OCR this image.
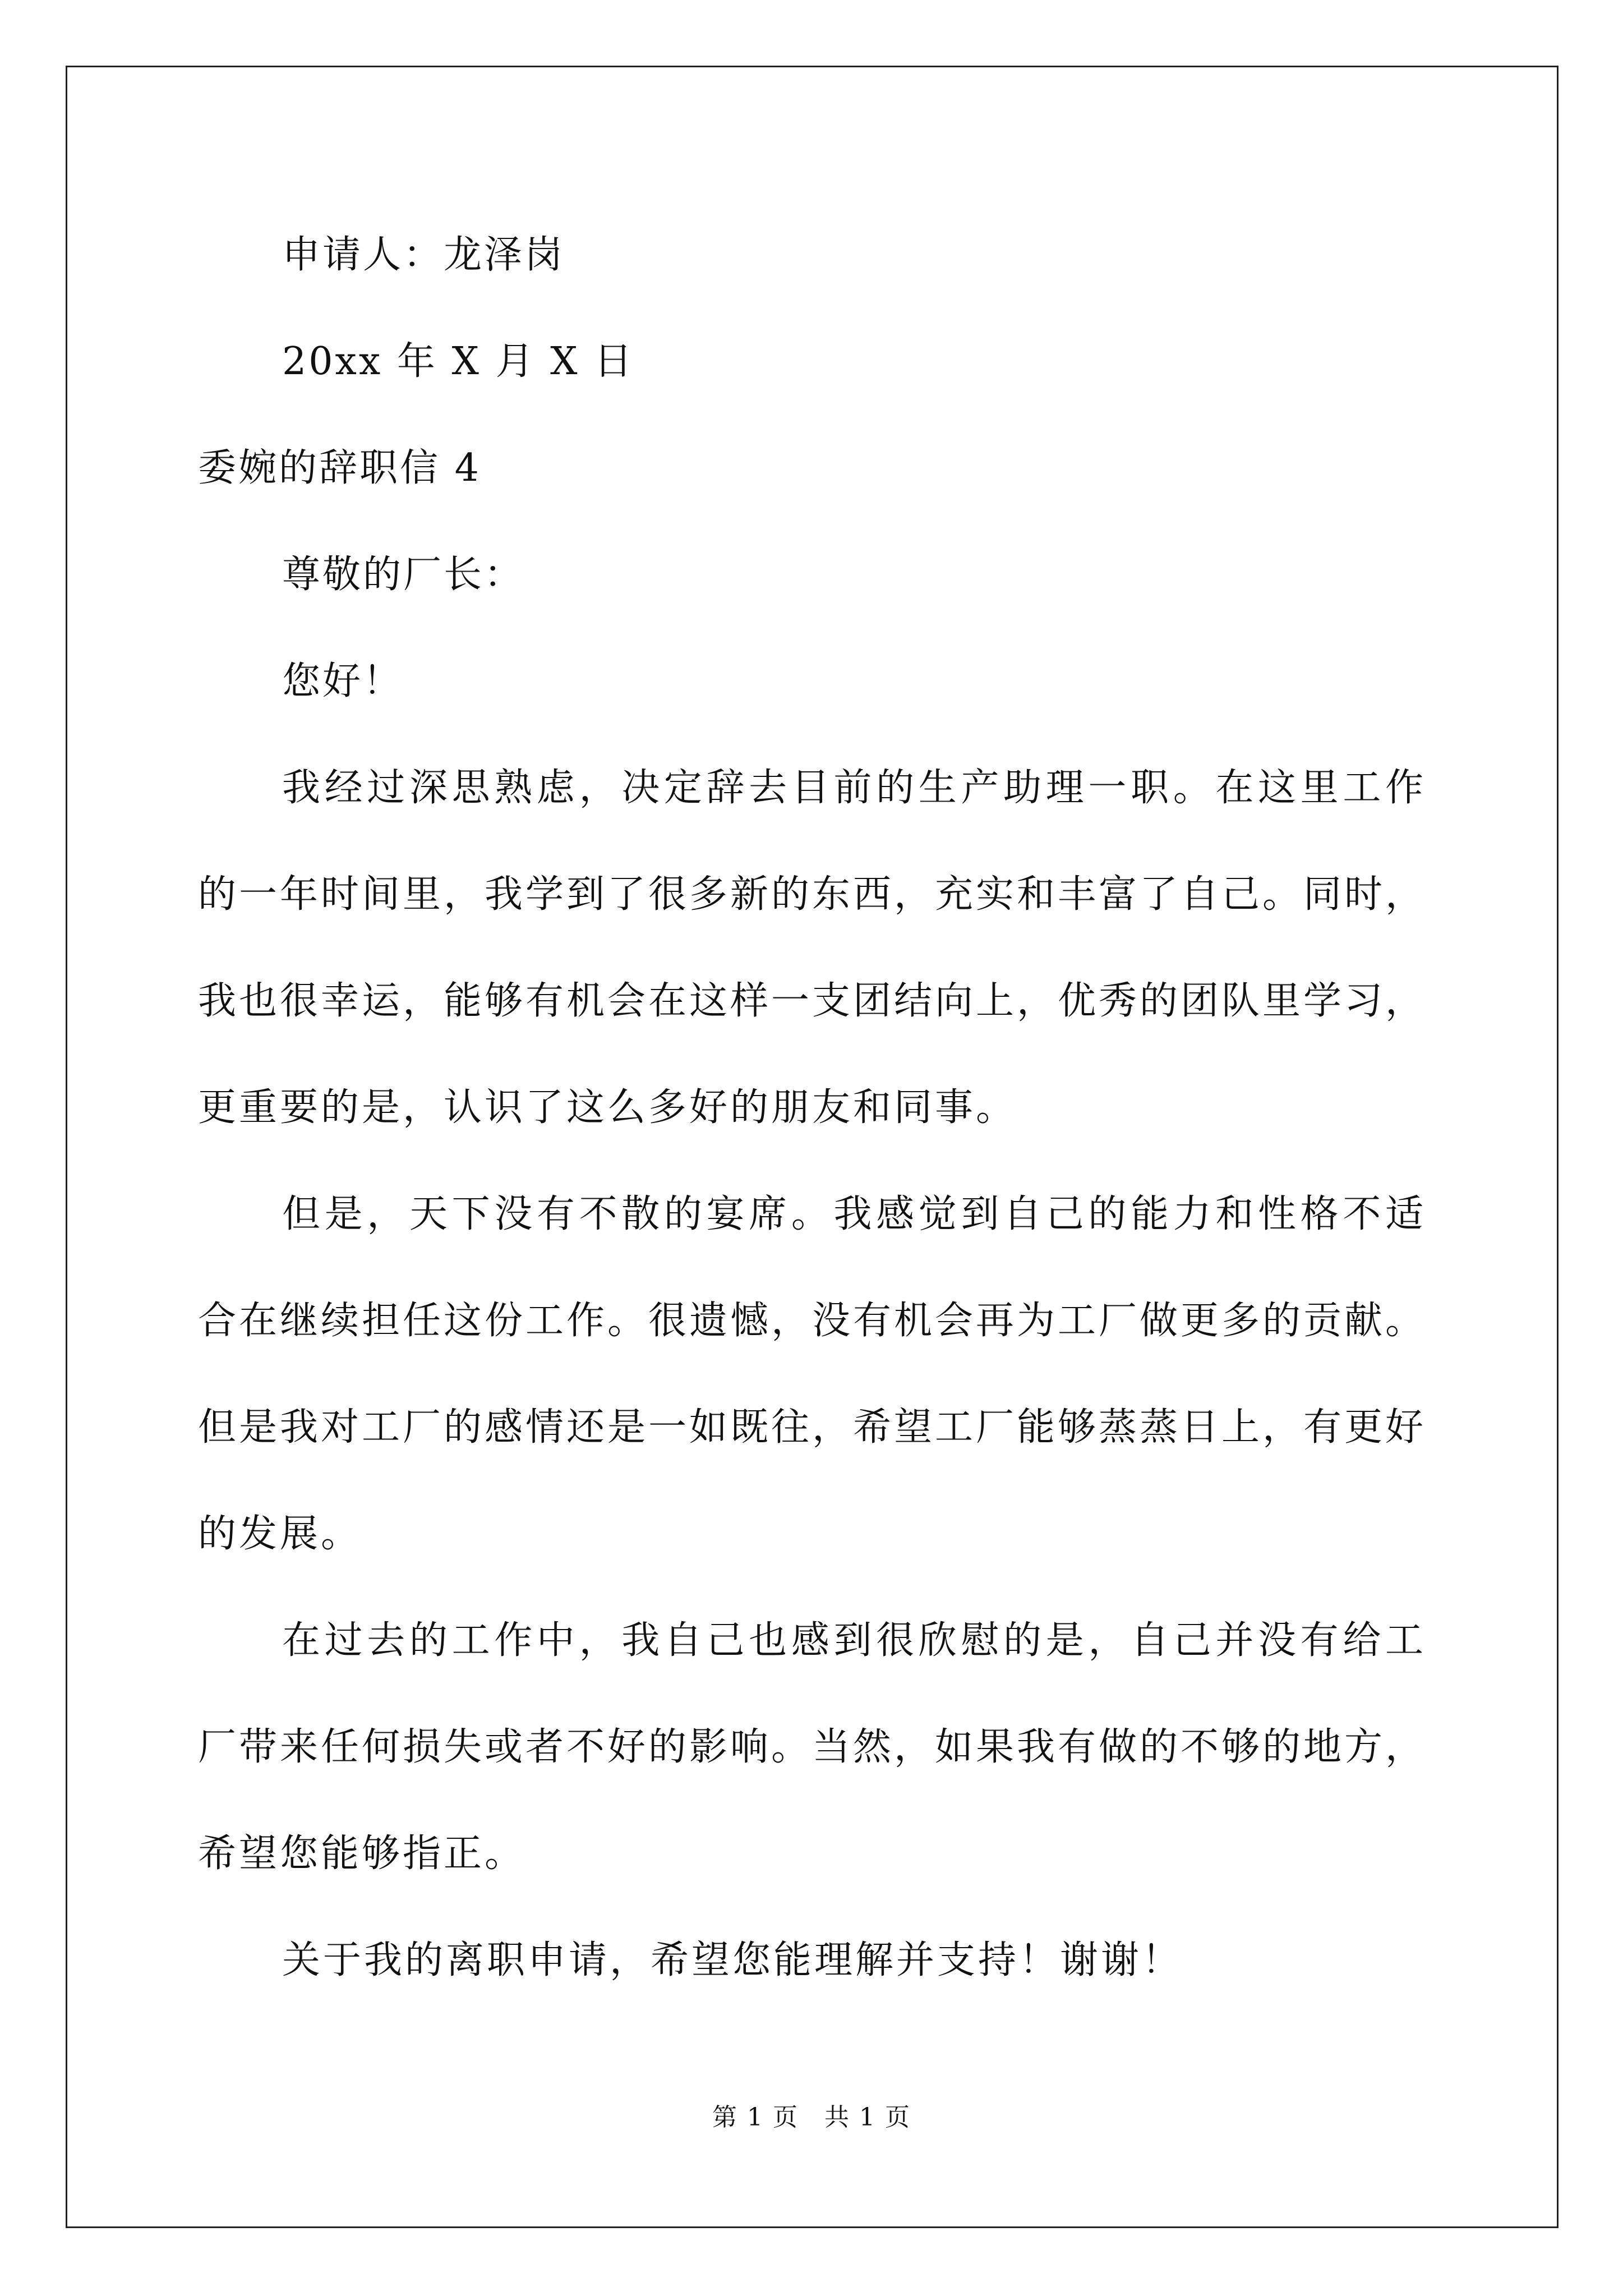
申请人：龙泽岗
20xx 年 X 月 X 日
委婉的辞职信 4
尊敬的厂长：
您好！
我经过深思熟虑，决定辞去目前的生产助理一职。在这里工作的一年时间里，我学到了很多新的东西，充实和丰富了自己。同时，我也很幸运，能够有机会在这样一支团结向上，优秀的团队里学习，更重要的是，认识了这么多好的朋友和同事。
但是，天下没有不散的宴席。我感觉到自己的能力和性格不适合在继续担任这份工作。很遗憾，没有机会再为工厂做更多的贡献。但是我对工厂的感情还是一如既往，希望工厂能够蒸蒸日上，有更好的发展。
在过去的工作中，我自己也感到很欣慰的是，自己并没有给工厂带来任何损失或者不好的影响。当然，如果我有做的不够的地方，希望您能够指正。
关于我的离职申请，希望您能理解并支持！谢谢！
第 1 页　共 1 页
